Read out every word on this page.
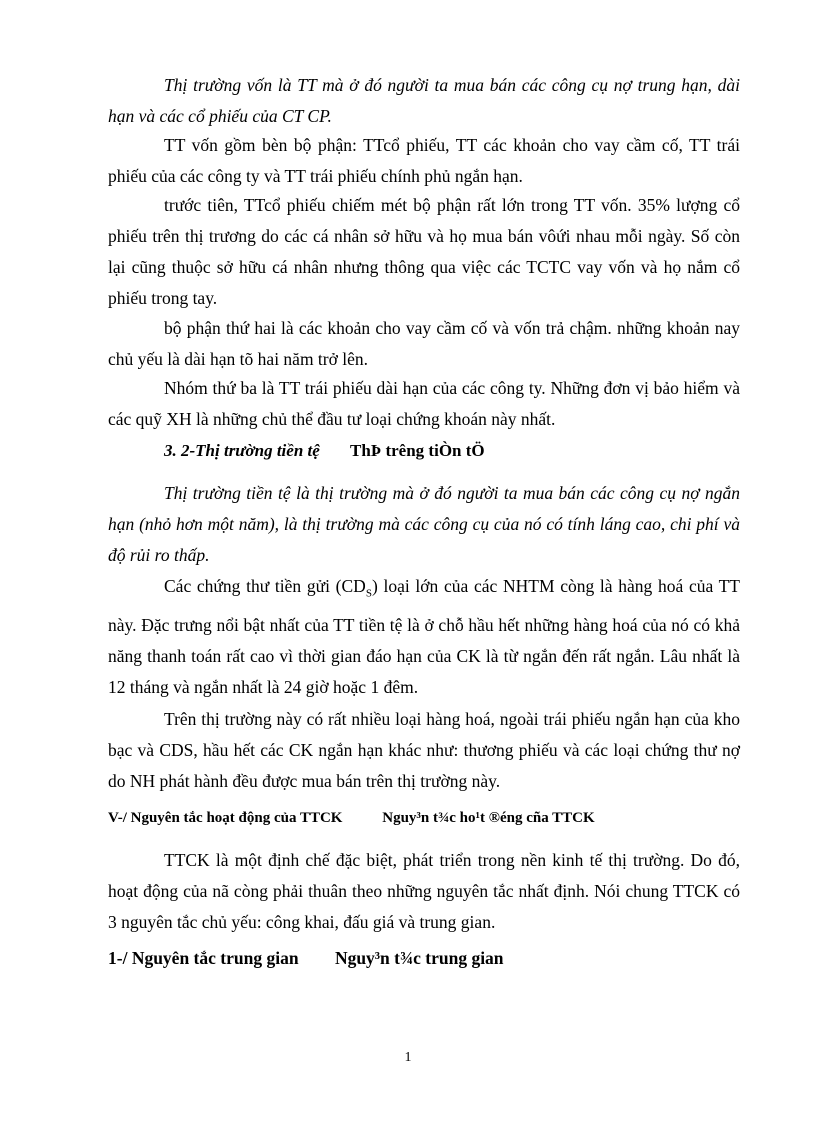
Thị trường vốn là TT mà ở đó người ta mua bán các công cụ nợ trung hạn, dài hạn và các cổ phiếu của CT CP.

TT vốn gồm bèn bộ phận: TTcổ phiếu, TT các khoản cho vay cầm cố, TT trái phiếu của các công ty và TT trái phiếu chính phủ ngắn hạn.

trước tiên, TTcổ phiếu chiếm mét bộ phận rất lớn trong TT vốn. 35% lượng cổ phiếu trên thị trương do các cá nhân sở hữu và họ mua bán vôứi nhau mỗi ngày. Số còn lại cũng thuộc sở hữu cá nhân nhưng thông qua việc các TCTC vay vốn và họ nắm cổ phiếu trong tay.

bộ phận thứ hai là các khoản cho vay cầm cố và vốn trả chậm. những khoản nay chủ yếu là dài hạn tõ hai năm trở lên.

Nhóm thứ ba là TT trái phiếu dài hạn của các công ty. Những đơn vị bảo hiểm và các quỹ XH là những chủ thể đầu tư loại chứng khoán này nhất.

3. 2-Thị trường tiền tệ ThÞ trêng tiÒn tÖ

Thị trường tiền tệ là thị trường mà ở đó người ta mua bán các công cụ nợ ngắn hạn (nhỏ hơn một năm), là thị trường mà các công cụ của nó có tính láng cao, chi phí và độ rủi ro thấp.

Các chứng thư tiền gửi $(CD_S)$ loại lớn của các NHTM còng là hàng hoá của TT này. Đặc trưng nổi bật nhất của TT tiền tệ là ở chỗ hầu hết những hàng hoá của nó có khả năng thanh toán rất cao vì thời gian đáo hạn của CK là từ ngắn đến rất ngắn. Lâu nhất là 12 tháng và ngắn nhất là 24 giờ hoặc 1 đêm.

Trên thị trường này có rất nhiều loại hàng hoá, ngoài trái phiếu ngắn hạn của kho bạc và CDS, hầu hết các CK ngắn hạn khác như: thương phiếu và các loại chứng thư nợ do NH phát hành đều được mua bán trên thị trường này.

V-/ Nguyên tắc hoạt động của TTCK	Nguy³n t¾c ho¹t ®éng cña TTCK

TTCK là một định chế đặc biệt, phát triển trong nền kinh tế thị trường. Do đó, hoạt động của nã còng phải thuân theo những nguyên tắc nhất định. Nói chung TTCK có 3 nguyên tắc chủ yếu: công khai, đấu giá và trung gian.

1-/ Nguyên tắc trung gian Nguy³n t¾c trung gian
1
